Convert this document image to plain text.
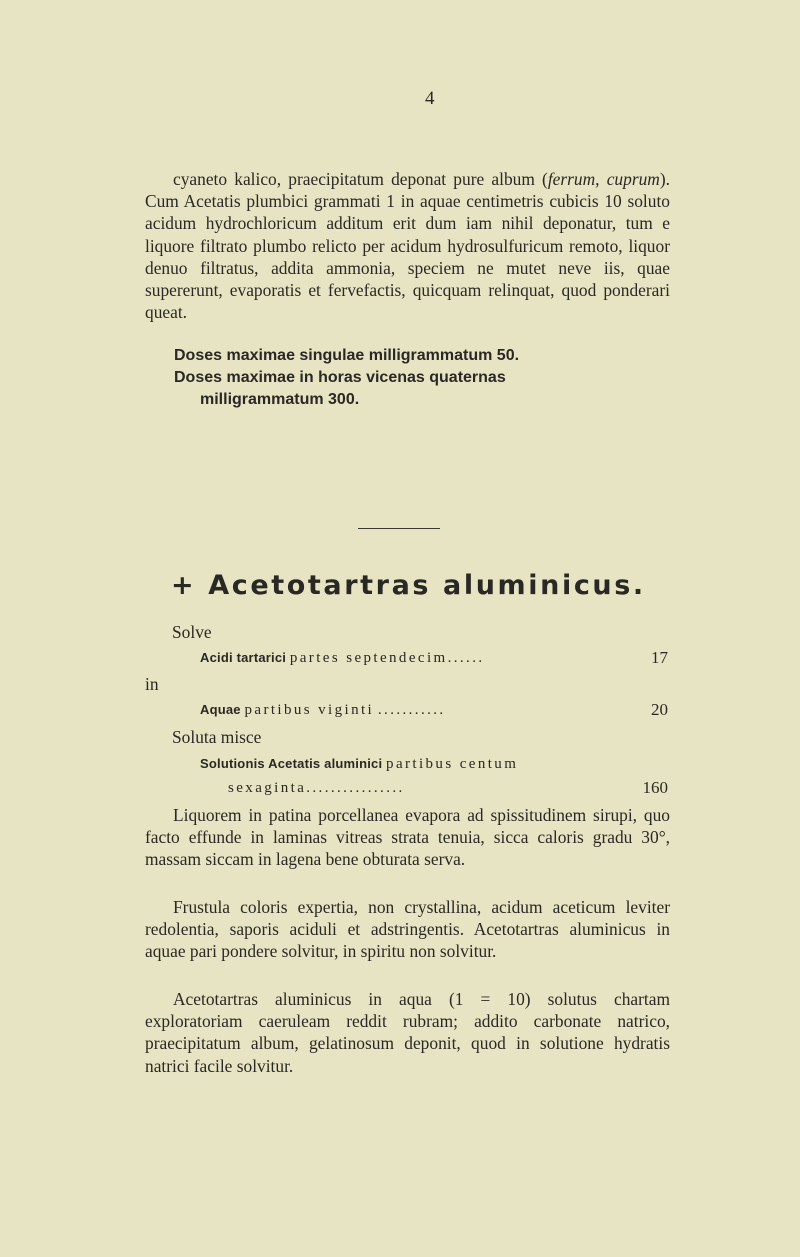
4

cyaneto kalico, praecipitatum deponat pure album (ferrum, cuprum). Cum Acetatis plumbici grammati 1 in aquae centimetris cubicis 10 soluto acidum hydrochloricum additum erit dum iam nihil deponatur, tum e liquore filtrato plumbo relicto per acidum hydrosulfuricum remoto, liquor denuo filtratus, addita ammonia, speciem ne mutet neve iis, quae supererunt, evaporatis et fervefactis, quicquam relinquat, quod ponderari queat.

Doses maximae singulae milligrammatum 50.
Doses maximae in horas vicenas quaternas
milligrammatum 300.
+ Acetotartras aluminicus.
Solve
Acidi tartarici partes septendecim......	17
in
Aquae partibus viginti ...........	20
Soluta misce
Solutionis Acetatis aluminici partibus centum
sexaginta................	160

Liquorem in patina porcellanea evapora ad spissitudinem sirupi, quo facto effunde in laminas vitreas strata tenuia, sicca caloris gradu 30°, massam siccam in lagena bene obturata serva.

Frustula coloris expertia, non crystallina, acidum aceticum leviter redolentia, saporis aciduli et adstringentis. Acetotartras aluminicus in aquae pari pondere solvitur, in spiritu non solvitur.

Acetotartras aluminicus in aqua (1 = 10) solutus chartam exploratoriam caeruleam reddit rubram; addito carbonate natrico, praecipitatum album, gelatinosum deponit, quod in solutione hydratis natrici facile solvitur.
